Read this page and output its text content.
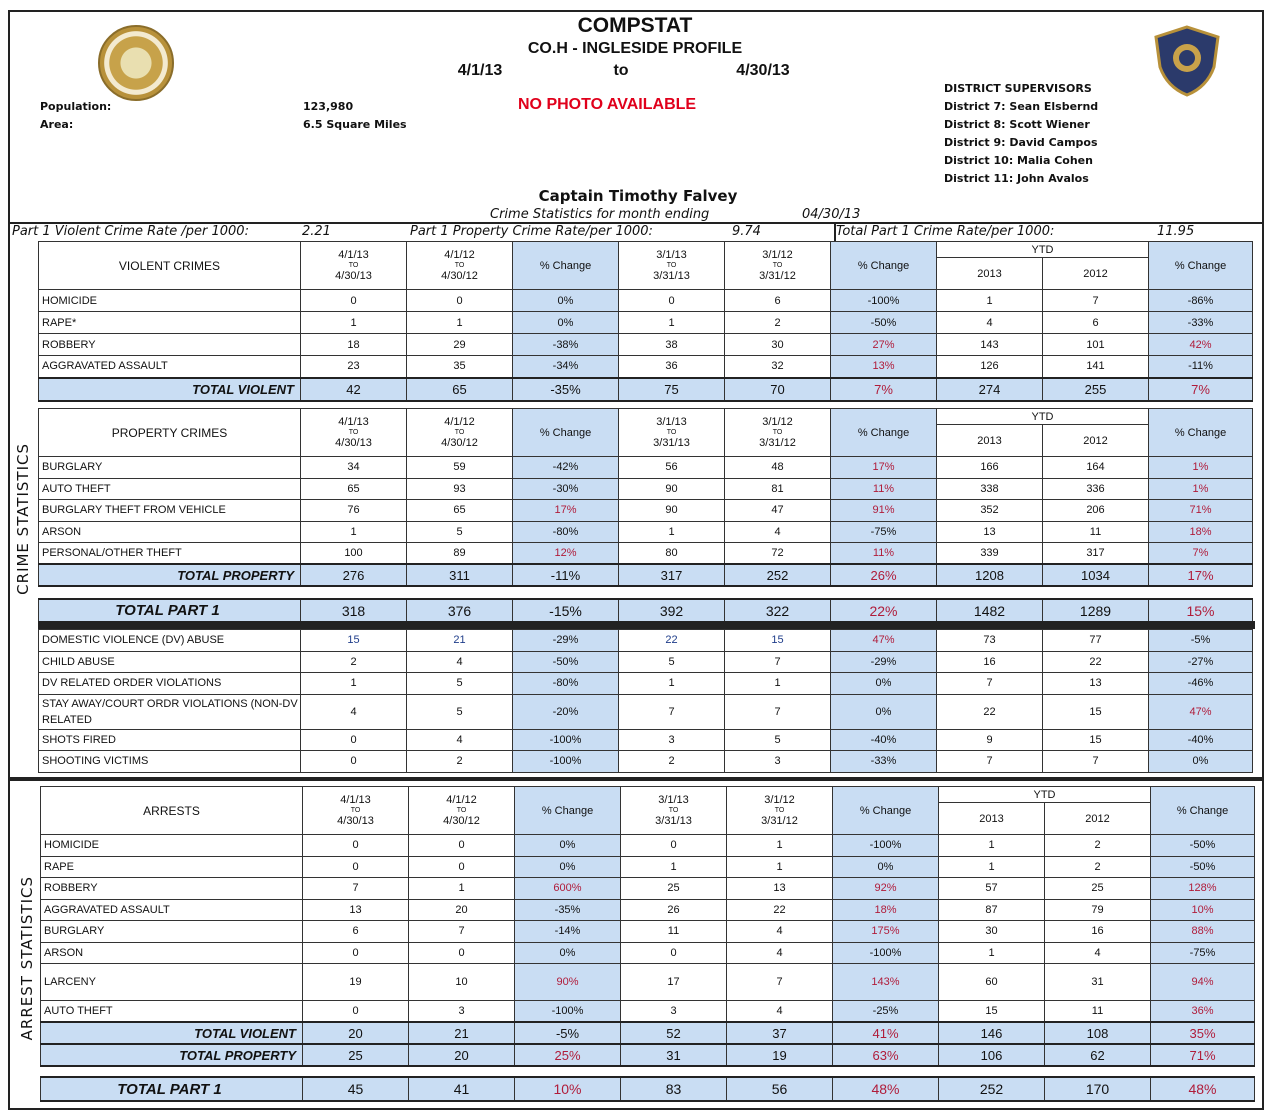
COMPSTAT
CO.H - INGLESIDE PROFILE
4/1/13	to	4/30/13
Population:	123,980
Area:	6.5 Square Miles
NO PHOTO AVAILABLE
DISTRICT SUPERVISORS
District 7: Sean Elsbernd
District 8: Scott Wiener
District 9: David Campos
District 10: Malia Cohen
District 11: John Avalos
Captain Timothy Falvey
Crime Statistics for month ending	04/30/13
Part 1 Violent Crime Rate /per 1000:	2.21	Part 1 Property Crime Rate/per 1000:	9.74	Total Part 1 Crime Rate/per 1000:	11.95
CRIME STATISTICS
ARREST STATISTICS
VIOLENT CRIMES	4/1/13
TO
4/30/13	4/1/12
TO
4/30/12	% Change	3/1/13
TO
3/31/13	3/1/12
TO
3/31/12	% Change	YTD		% Change
							2013	2012	
HOMICIDE	0	0	0%	0	6	-100%	1	7	-86%
RAPE*	1	1	0%	1	2	-50%	4	6	-33%
ROBBERY	18	29	-38%	38	30	27%	143	101	42%
AGGRAVATED ASSAULT	23	35	-34%	36	32	13%	126	141	-11%
TOTAL VIOLENT	42	65	-35%	75	70	7%	274	255	7%
PROPERTY CRIMES	4/1/13
TO
4/30/13	4/1/12
TO
4/30/12	% Change	3/1/13
TO
3/31/13	3/1/12
TO
3/31/12	% Change	YTD		% Change
							2013	2012	
BURGLARY	34	59	-42%	56	48	17%	166	164	1%
AUTO THEFT	65	93	-30%	90	81	11%	338	336	1%
BURGLARY THEFT FROM VEHICLE	76	65	17%	90	47	91%	352	206	71%
ARSON	1	5	-80%	1	4	-75%	13	11	18%
PERSONAL/OTHER THEFT	100	89	12%	80	72	11%	339	317	7%
TOTAL PROPERTY	276	311	-11%	317	252	26%	1208	1034	17%
TOTAL PART 1	318	376	-15%	392	322	22%	1482	1289	15%
DOMESTIC VIOLENCE (DV) ABUSE	15	21	-29%	22	15	47%	73	77	-5%
CHILD ABUSE	2	4	-50%	5	7	-29%	16	22	-27%
DV RELATED ORDER VIOLATIONS	1	5	-80%	1	1	0%	7	13	-46%
STAY AWAY/COURT ORDR VIOLATIONS (NON-DV RELATED	4	5	-20%	7	7	0%	22	15	47%
SHOTS FIRED	0	4	-100%	3	5	-40%	9	15	-40%
SHOOTING VICTIMS	0	2	-100%	2	3	-33%	7	7	0%
ARRESTS	4/1/13
TO
4/30/13	4/1/12
TO
4/30/12	% Change	3/1/13
TO
3/31/13	3/1/12
TO
3/31/12	% Change	YTD		% Change
							2013	2012	
HOMICIDE	0	0	0%	0	1	-100%	1	2	-50%
RAPE	0	0	0%	1	1	0%	1	2	-50%
ROBBERY	7	1	600%	25	13	92%	57	25	128%
AGGRAVATED ASSAULT	13	20	-35%	26	22	18%	87	79	10%
BURGLARY	6	7	-14%	11	4	175%	30	16	88%
ARSON	0	0	0%	0	4	-100%	1	4	-75%
LARCENY	19	10	90%	17	7	143%	60	31	94%
AUTO THEFT	0	3	-100%	3	4	-25%	15	11	36%
TOTAL VIOLENT	20	21	-5%	52	37	41%	146	108	35%
TOTAL PROPERTY	25	20	25%	31	19	63%	106	62	71%
TOTAL PART 1	45	41	10%	83	56	48%	252	170	48%
